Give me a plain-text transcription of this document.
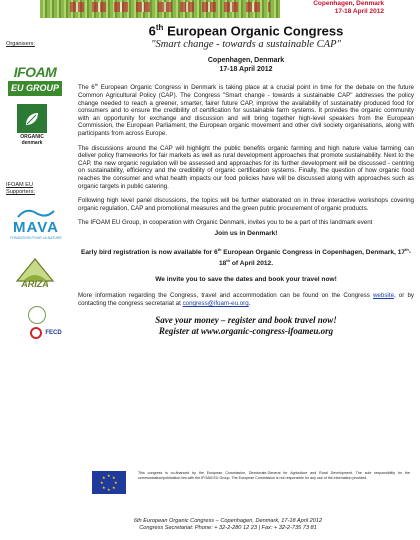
Copenhagen, Denmark
17-18 April 2012
Organisers:
IFOAM
EU GROUP
ORGANIC
denmark
IFOAM EU
Supporters:
MAVA
FONDATION POUR LA NATURE
ARIZA
FECD
6th European Organic Congress
"Smart change - towards a sustainable CAP"
Copenhagen, Denmark
17-18 April 2012

The 6th European Organic Congress in Denmark is taking place at a crucial point in time for the debate on the future Common Agricultural Policy (CAP). The Congress "Smart change - towards a sustainable CAP" addresses the policy change needed to reach a greener, smarter, fairer future CAP, improve the availability of sustainably produced food for consumers and to ensure the credibility of certification for sustainable farm systems. It provides the organic community with an opportunity for exchange and discussion and will bring together high-level speakers from the European Commission, the European Parliament, the European organic movement and other civil society organisations, along with participants from across Europe.

The discussions around the CAP will highlight the public benefits organic farming and high nature value farming can deliver policy frameworks for fair markets as well as rural development approaches that promote sustainability. Next to the CAP, the new organic regulation will be assessed and approaches for its further development will be discussed - centring on sustainability, efficiency and the credibility of organic certification systems. Finally, the question of how organic food reaches the consumer and what health impacts our food policies have will be discussed along with approaches such as organic targets in public catering.

Following high level panel discussions, the topics will be further elaborated on in three interactive workshops covering organic regulation, CAP and promotional measures and the green public procurement of organic products.

The IFOAM EU Group, in cooperation with Organic Denmark, invites you to be a part of this landmark event

Join us in Denmark!
Early bird registration is now available for 6th European Organic Congress in Copenhagen, Denmark, 17th-18th of April 2012.
We invite you to save the dates and book your travel now!

More information regarding the Congress, travel and accommodation can be found on the Congress website, or by contacting the congress secretariat at congress@ifoam-eu.org.

Save your money – register and book travel now!
Register at www.organic-congress-ifoameu.org
★ ★
★
★
★
★
★
★
This congress is co-financed by the European Commission, Directorate-General for Agriculture and Rural Development. The sole responsibility for the communication/publication lies with the IFOAM EU Group. The European Commission is not responsible for any use of the information provided.
6th European Organic Congress – Copenhagen, Denmark, 17-18 April 2012
Congress Secretariat: Phone: + 32-2-280 12 23 | Fax: + 32-2-735 73 81
